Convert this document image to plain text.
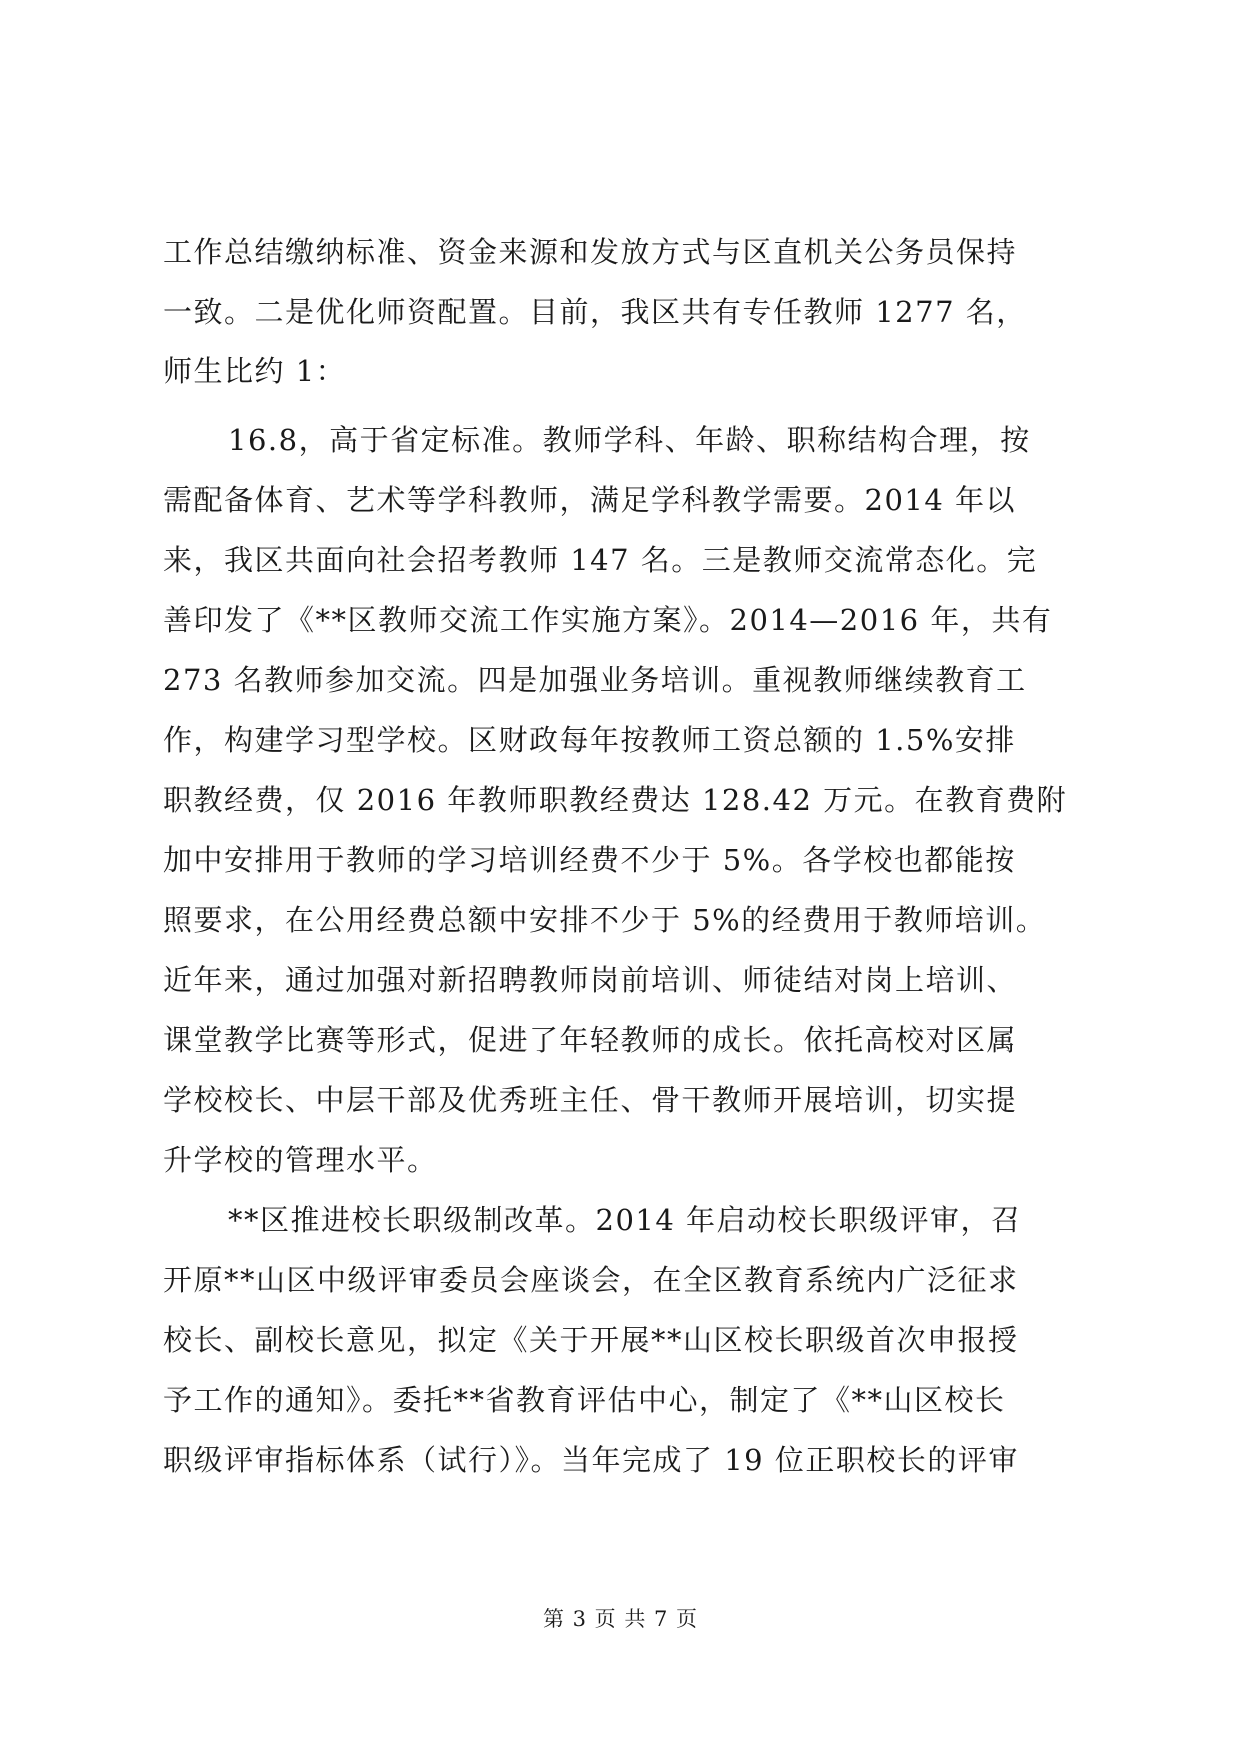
工作总结缴纳标准、资金来源和发放方式与区直机关公务员保持
一致。二是优化师资配置。目前，我区共有专任教师 1277 名，
师生比约 1：
16.8，高于省定标准。教师学科、年龄、职称结构合理，按
需配备体育、艺术等学科教师，满足学科教学需要。2014 年以
来，我区共面向社会招考教师 147 名。三是教师交流常态化。完
善印发了《**区教师交流工作实施方案》。2014—2016 年，共有
273 名教师参加交流。四是加强业务培训。重视教师继续教育工
作，构建学习型学校。区财政每年按教师工资总额的 1.5%安排
职教经费，仅 2016 年教师职教经费达 128.42 万元。在教育费附
加中安排用于教师的学习培训经费不少于 5%。各学校也都能按
照要求，在公用经费总额中安排不少于 5%的经费用于教师培训。
近年来，通过加强对新招聘教师岗前培训、师徒结对岗上培训、
课堂教学比赛等形式，促进了年轻教师的成长。依托高校对区属
学校校长、中层干部及优秀班主任、骨干教师开展培训，切实提
升学校的管理水平。
**区推进校长职级制改革。2014 年启动校长职级评审，召
开原**山区中级评审委员会座谈会，在全区教育系统内广泛征求
校长、副校长意见，拟定《关于开展**山区校长职级首次申报授
予工作的通知》。委托**省教育评估中心，制定了《**山区校长
职级评审指标体系（试行）》。当年完成了 19 位正职校长的评审
第 3 页 共 7 页
